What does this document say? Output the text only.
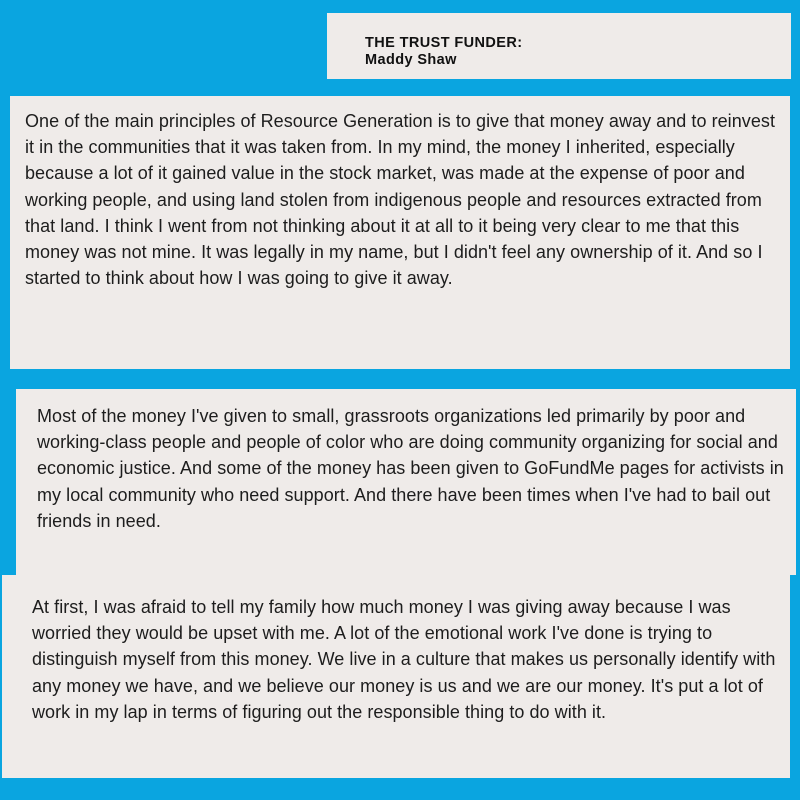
THE TRUST FUNDER:
Maddy Shaw

One of the main principles of Resource Generation is to give that money away and to reinvest it in the communities that it was taken from. In my mind, the money I inherited, especially because a lot of it gained value in the stock market, was made at the expense of poor and working people, and using land stolen from indigenous people and resources extracted from that land. I think I went from not thinking about it at all to it being very clear to me that this money was not mine. It was legally in my name, but I didn't feel any ownership of it. And so I started to think about how I was going to give it away.

Most of the money I've given to small, grassroots organizations led primarily by poor and working-class people and people of color who are doing community organizing for social and economic justice. And some of the money has been given to GoFundMe pages for activists in my local community who need support. And there have been times when I've had to bail out friends in need.

At first, I was afraid to tell my family how much money I was giving away because I was worried they would be upset with me. A lot of the emotional work I've done is trying to distinguish myself from this money. We live in a culture that makes us personally identify with any money we have, and we believe our money is us and we are our money. It's put a lot of work in my lap in terms of figuring out the responsible thing to do with it.
